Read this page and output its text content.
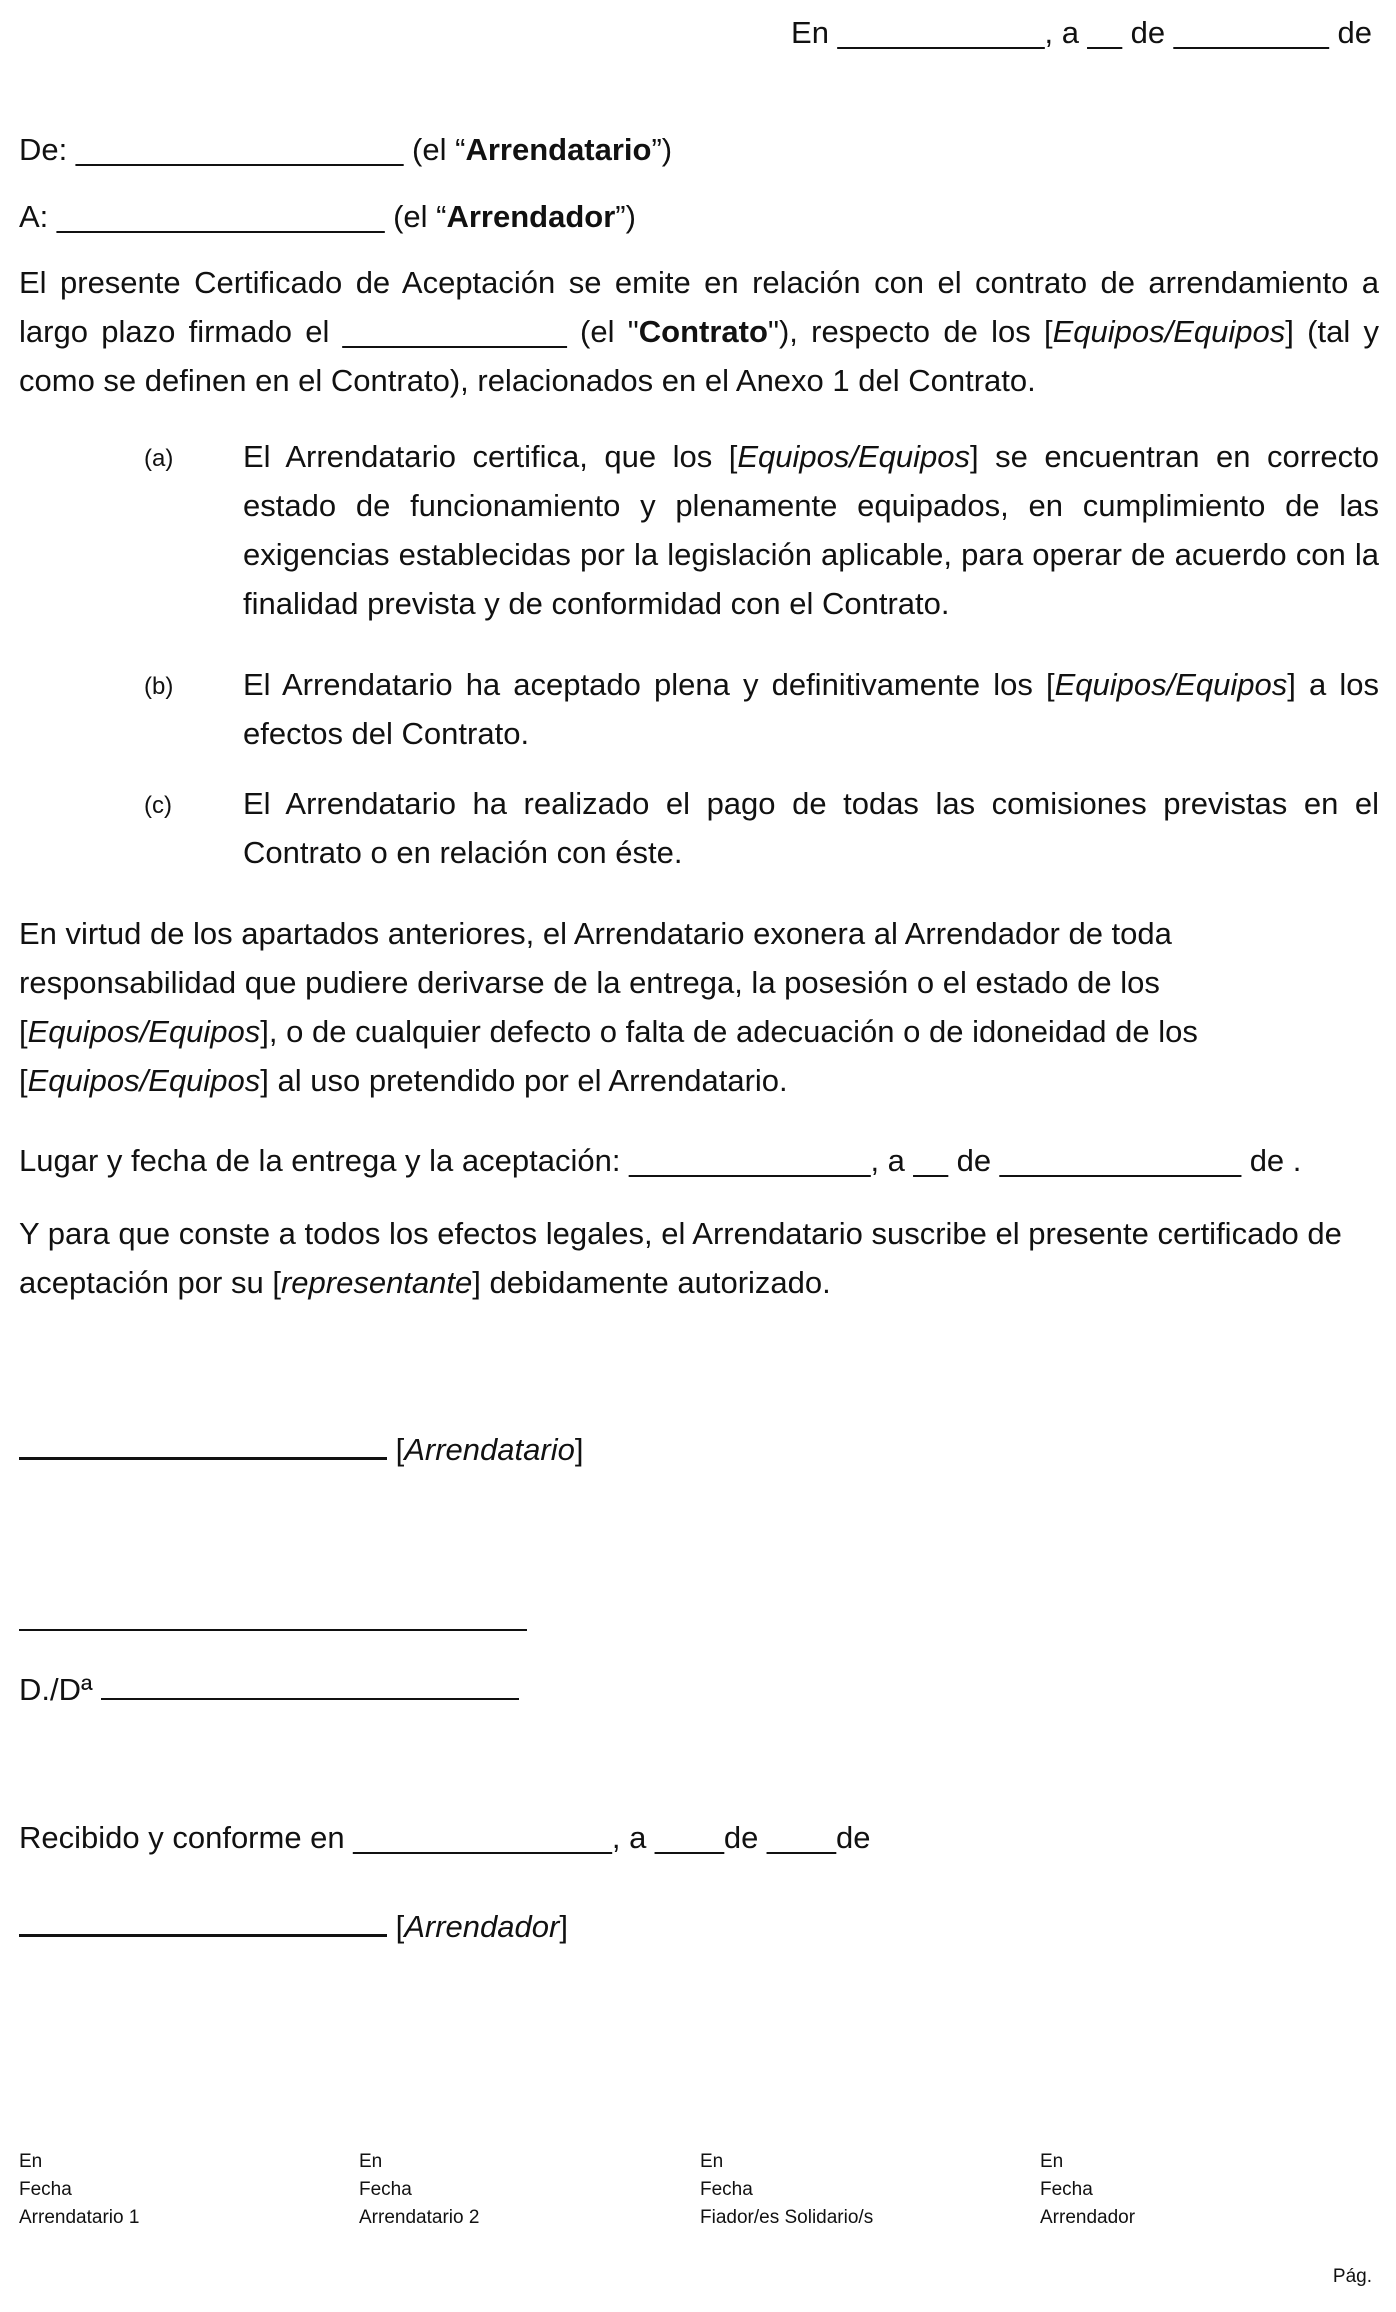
En ____________, a __ de _________ de
De: ___________________ (el “Arrendatario”)
A: ___________________ (el “Arrendador”)
El presente Certificado de Aceptación se emite en relación con el contrato de arrendamiento a largo plazo firmado el _____________ (el "Contrato"), respecto de los [Equipos/Equipos] (tal y como se definen en el Contrato), relacionados en el Anexo 1 del Contrato.
(a) El Arrendatario certifica, que los [Equipos/Equipos] se encuentran en correcto estado de funcionamiento y plenamente equipados, en cumplimiento de las exigencias establecidas por la legislación aplicable, para operar de acuerdo con la finalidad prevista y de conformidad con el Contrato.
(b) El Arrendatario ha aceptado plena y definitivamente los [Equipos/Equipos] a los efectos del Contrato.
(c) El Arrendatario ha realizado el pago de todas las comisiones previstas en el Contrato o en relación con éste.
En virtud de los apartados anteriores, el Arrendatario exonera al Arrendador de toda responsabilidad que pudiere derivarse de la entrega, la posesión o el estado de los [Equipos/Equipos], o de cualquier defecto o falta de adecuación o de idoneidad de los [Equipos/Equipos] al uso pretendido por el Arrendatario.
Lugar y fecha de la entrega y la aceptación: ______________, a __ de ______________ de .
Y para que conste a todos los efectos legales, el Arrendatario suscribe el presente certificado de aceptación por su [representante] debidamente autorizado.
[Arrendatario]
D./Dª
Recibido y conforme en _______________, a ____de ____de
[Arrendador]
En
Fecha
Arrendatario 1
En
Fecha
Arrendatario 2
En
Fecha
Fiador/es Solidario/s
En
Fecha
Arrendador
Pág.
